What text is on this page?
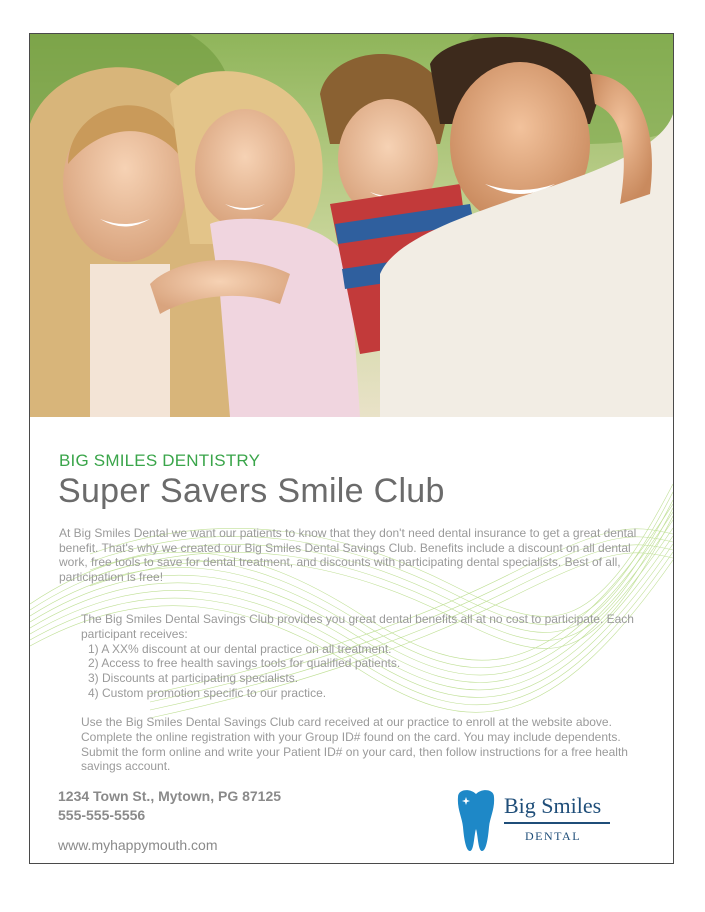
BIG SMILES DENTISTRY
Super Savers Smile Club

At Big Smiles Dental we want our patients to know that they don't need dental insurance to get a great dental benefit. That's why we created our Big Smiles Dental Savings Club. Benefits include a discount on all dental work, free tools to save for dental treatment, and discounts with participating dental specialists. Best of all, participation is free!

The Big Smiles Dental Savings Club provides you great dental benefits all at no cost to participate. Each participant receives:

1) A XX% discount at our dental practice on all treatment.
2) Access to free health savings tools for qualified patients.
3) Discounts at participating specialists.
4) Custom promotion specific to our practice.

Use the Big Smiles Dental Savings Club card received at our practice to enroll at the website above. Complete the online registration with your Group ID# found on the card. You may include dependents. Submit the form online and write your Patient ID# on your card, then follow instructions for a free health savings account.

1234 Town St., Mytown, PG 87125
555-555-5556
www.myhappymouth.com
Big Smiles
DENTAL
